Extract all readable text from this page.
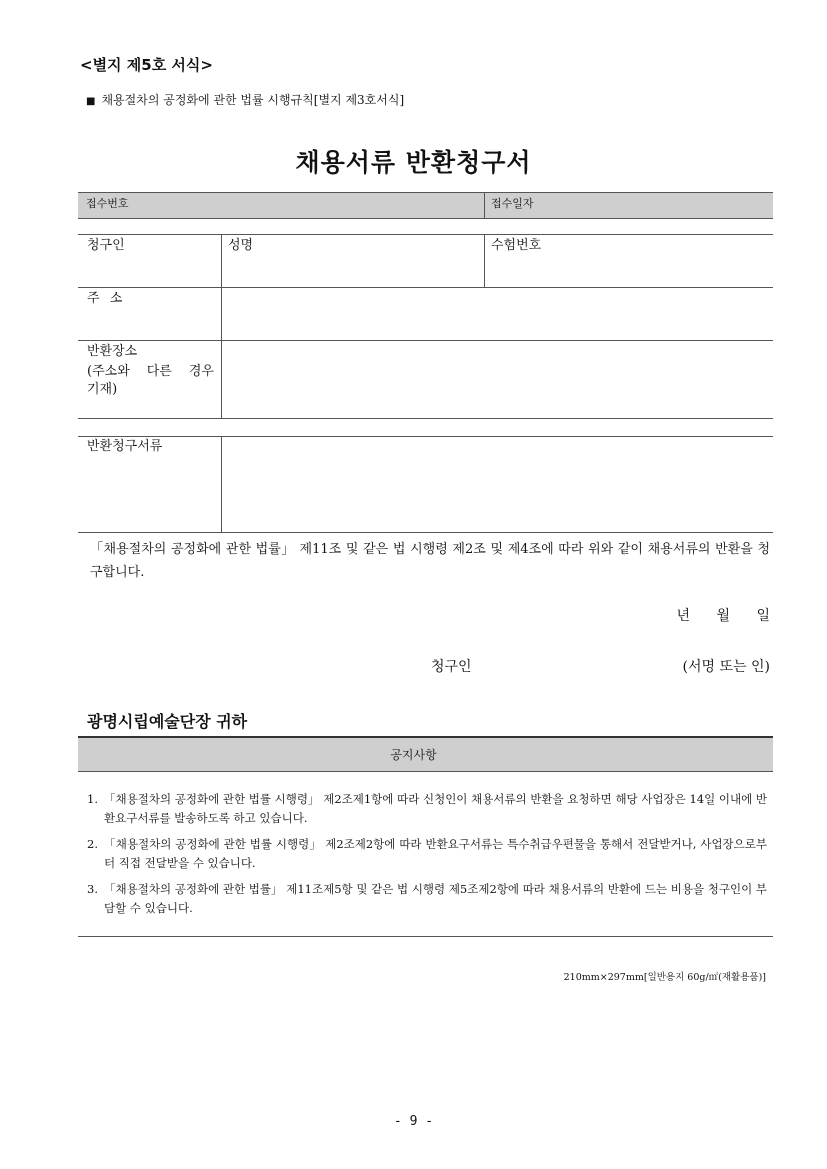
<별지 제5호 서식>
■ 채용절차의 공정화에 관한 법률 시행규칙[별지 제3호서식]
채용서류 반환청구서
접수번호	접수일자
청구인	성명	수험번호
주 소
반환장소
(주소와 다른 경우 기재)
반환청구서류
「채용절차의 공정화에 관한 법률」 제11조 및 같은 법 시행령 제2조 및 제4조에 따라 위와 같이 채용서류의 반환을 청구합니다.
년 월 일
청구인	(서명 또는 인)
광명시립예술단장 귀하
공지사항
1. 「채용절차의 공정화에 관한 법률 시행령」 제2조제1항에 따라 신청인이 채용서류의 반환을 요청하면 해당 사업장은 14일 이내에 반환요구서류를 발송하도록 하고 있습니다.
2. 「채용절차의 공정화에 관한 법률 시행령」 제2조제2항에 따라 반환요구서류는 특수취급우편물을 통해서 전달받거나, 사업장으로부터 직접 전달받을 수 있습니다.
3. 「채용절차의 공정화에 관한 법률」 제11조제5항 및 같은 법 시행령 제5조제2항에 따라 채용서류의 반환에 드는 비용을 청구인이 부담할 수 있습니다.
210mm×297mm[일반용지 60g/㎡(재활용품)]
- 9 -
